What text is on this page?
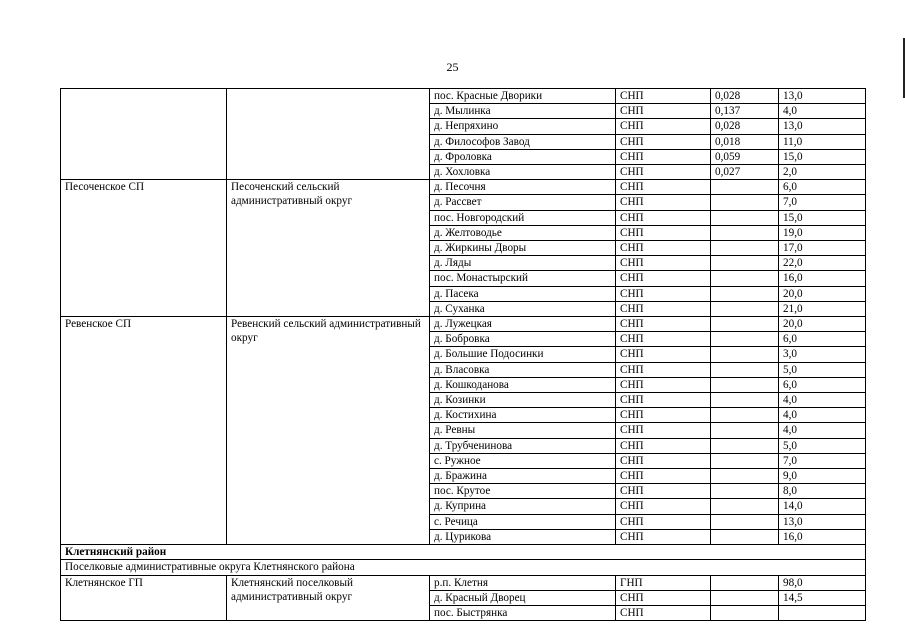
25
		пос. Красные Дворики	СНП	0,028	13,0
		д. Мылинка	СНП	0,137	4,0
		д. Непряхино	СНП	0,028	13,0
		д. Философов Завод	СНП	0,018	11,0
		д. Фроловка	СНП	0,059	15,0
		д. Хохловка	СНП	0,027	2,0
Песоченское СП	Песоченский сельский административный округ	д. Песочня	СНП		6,0
		д. Рассвет	СНП		7,0
		пос. Новгородский	СНП		15,0
		д. Желтоводье	СНП		19,0
		д. Жиркины Дворы	СНП		17,0
		д. Ляды	СНП		22,0
		пос. Монастырский	СНП		16,0
		д. Пасека	СНП		20,0
		д. Суханка	СНП		21,0
Ревенское СП	Ревенский сельский административный округ	д. Лужецкая	СНП		20,0
		д. Бобровка	СНП		6,0
		д. Большие Подосинки	СНП		3,0
		д. Власовка	СНП		5,0
		д. Кошкоданова	СНП		6,0
		д. Козинки	СНП		4,0
		д. Костихина	СНП		4,0
		д. Ревны	СНП		4,0
		д. Трубченинова	СНП		5,0
		с. Ружное	СНП		7,0
		д. Бражина	СНП		9,0
		пос. Крутое	СНП		8,0
		д. Куприна	СНП		14,0
		с. Речица	СНП		13,0
		д. Цурикова	СНП		16,0
Клетнянский район					
Поселковые административные округа Клетнянского района					
Клетнянское ГП	Клетнянский поселковый административный округ	р.п. Клетня	ГНП		98,0
		д. Красный Дворец	СНП		14,5
		пос. Быстрянка	СНП		
